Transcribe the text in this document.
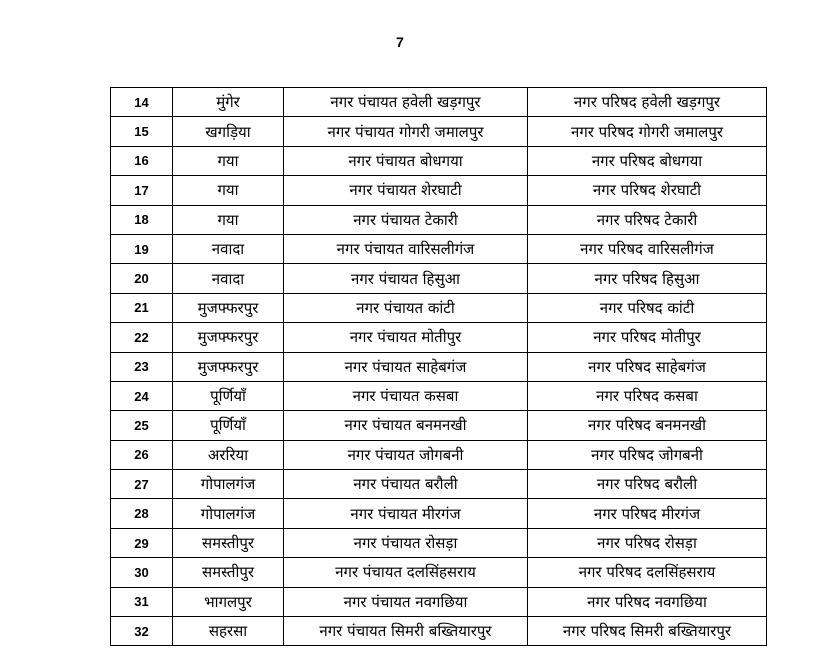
7
14	मुंगेर	नगर पंचायत हवेली खड़गपुर	नगर परिषद हवेली खड़गपुर
15	खगड़िया	नगर पंचायत गोगरी जमालपुर	नगर परिषद गोगरी जमालपुर
16	गया	नगर पंचायत बोधगया	नगर परिषद बोधगया
17	गया	नगर पंचायत शेरघाटी	नगर परिषद शेरघाटी
18	गया	नगर पंचायत टेकारी	नगर परिषद टेकारी
19	नवादा	नगर पंचायत वारिसलीगंज	नगर परिषद वारिसलीगंज
20	नवादा	नगर पंचायत हिसुआ	नगर परिषद हिसुआ
21	मुजफ्फरपुर	नगर पंचायत कांटी	नगर परिषद कांटी
22	मुजफ्फरपुर	नगर पंचायत मोतीपुर	नगर परिषद मोतीपुर
23	मुजफ्फरपुर	नगर पंचायत साहेबगंज	नगर परिषद साहेबगंज
24	पूर्णियाँ	नगर पंचायत कसबा	नगर परिषद कसबा
25	पूर्णियाँ	नगर पंचायत बनमनखी	नगर परिषद बनमनखी
26	अररिया	नगर पंचायत जोगबनी	नगर परिषद जोगबनी
27	गोपालगंज	नगर पंचायत बरौली	नगर परिषद बरौली
28	गोपालगंज	नगर पंचायत मीरगंज	नगर परिषद मीरगंज
29	समस्तीपुर	नगर पंचायत रोसड़ा	नगर परिषद रोसड़ा
30	समस्तीपुर	नगर पंचायत दलसिंहसराय	नगर परिषद दलसिंहसराय
31	भागलपुर	नगर पंचायत नवगछिया	नगर परिषद नवगछिया
32	सहरसा	नगर पंचायत सिमरी बख्तियारपुर	नगर परिषद सिमरी बख्तियारपुर
